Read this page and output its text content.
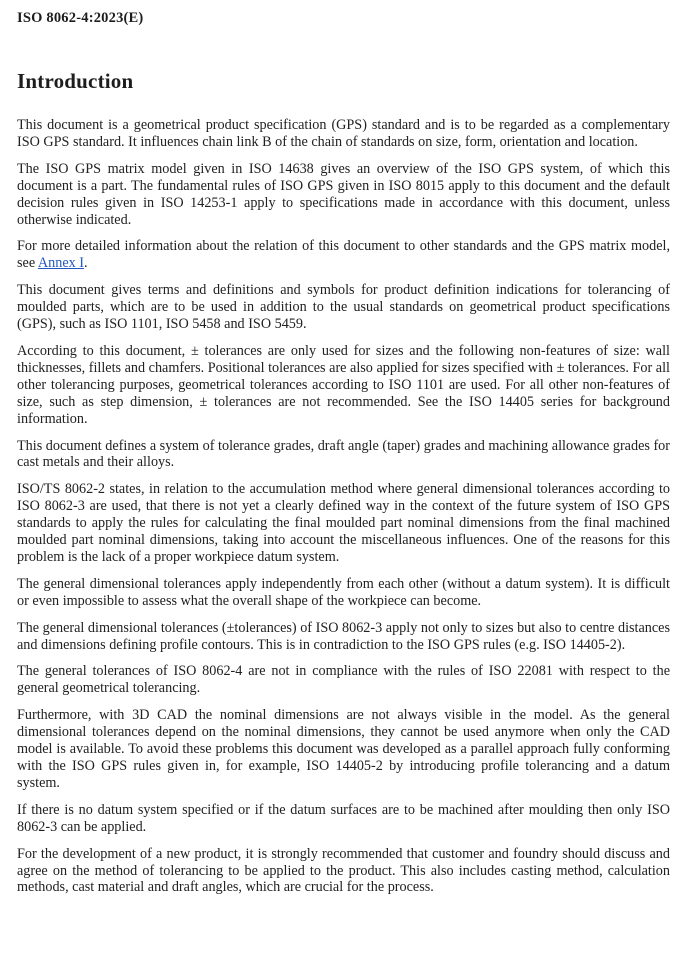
ISO 8062-4:2023(E)
Introduction

This document is a geometrical product specification (GPS) standard and is to be regarded as a complementary ISO GPS standard. It influences chain link B of the chain of standards on size, form, orientation and location.

The ISO GPS matrix model given in ISO 14638 gives an overview of the ISO GPS system, of which this document is a part. The fundamental rules of ISO GPS given in ISO 8015 apply to this document and the default decision rules given in ISO 14253-1 apply to specifications made in accordance with this document, unless otherwise indicated.

For more detailed information about the relation of this document to other standards and the GPS matrix model, see Annex I.

This document gives terms and definitions and symbols for product definition indications for tolerancing of moulded parts, which are to be used in addition to the usual standards on geometrical product specifications (GPS), such as ISO 1101, ISO 5458 and ISO 5459.

According to this document, ± tolerances are only used for sizes and the following non-features of size: wall thicknesses, fillets and chamfers. Positional tolerances are also applied for sizes specified with ± tolerances. For all other tolerancing purposes, geometrical tolerances according to ISO 1101 are used. For all other non-features of size, such as step dimension, ± tolerances are not recommended. See the ISO 14405 series for background information.

This document defines a system of tolerance grades, draft angle (taper) grades and machining allowance grades for cast metals and their alloys.

ISO/TS 8062-2 states, in relation to the accumulation method where general dimensional tolerances according to ISO 8062-3 are used, that there is not yet a clearly defined way in the context of the future system of ISO GPS standards to apply the rules for calculating the final moulded part nominal dimensions from the final machined moulded part nominal dimensions, taking into account the miscellaneous influences. One of the reasons for this problem is the lack of a proper workpiece datum system.

The general dimensional tolerances apply independently from each other (without a datum system). It is difficult or even impossible to assess what the overall shape of the workpiece can become.

The general dimensional tolerances (±tolerances) of ISO 8062-3 apply not only to sizes but also to centre distances and dimensions defining profile contours. This is in contradiction to the ISO GPS rules (e.g. ISO 14405-2).

The general tolerances of ISO 8062-4 are not in compliance with the rules of ISO 22081 with respect to the general geometrical tolerancing.

Furthermore, with 3D CAD the nominal dimensions are not always visible in the model. As the general dimensional tolerances depend on the nominal dimensions, they cannot be used anymore when only the CAD model is available. To avoid these problems this document was developed as a parallel approach fully conforming with the ISO GPS rules given in, for example, ISO 14405-2 by introducing profile tolerancing and a datum system.

If there is no datum system specified or if the datum surfaces are to be machined after moulding then only ISO 8062-3 can be applied.

For the development of a new product, it is strongly recommended that customer and foundry should discuss and agree on the method of tolerancing to be applied to the product. This also includes casting method, calculation methods, cast material and draft angles, which are crucial for the process.
